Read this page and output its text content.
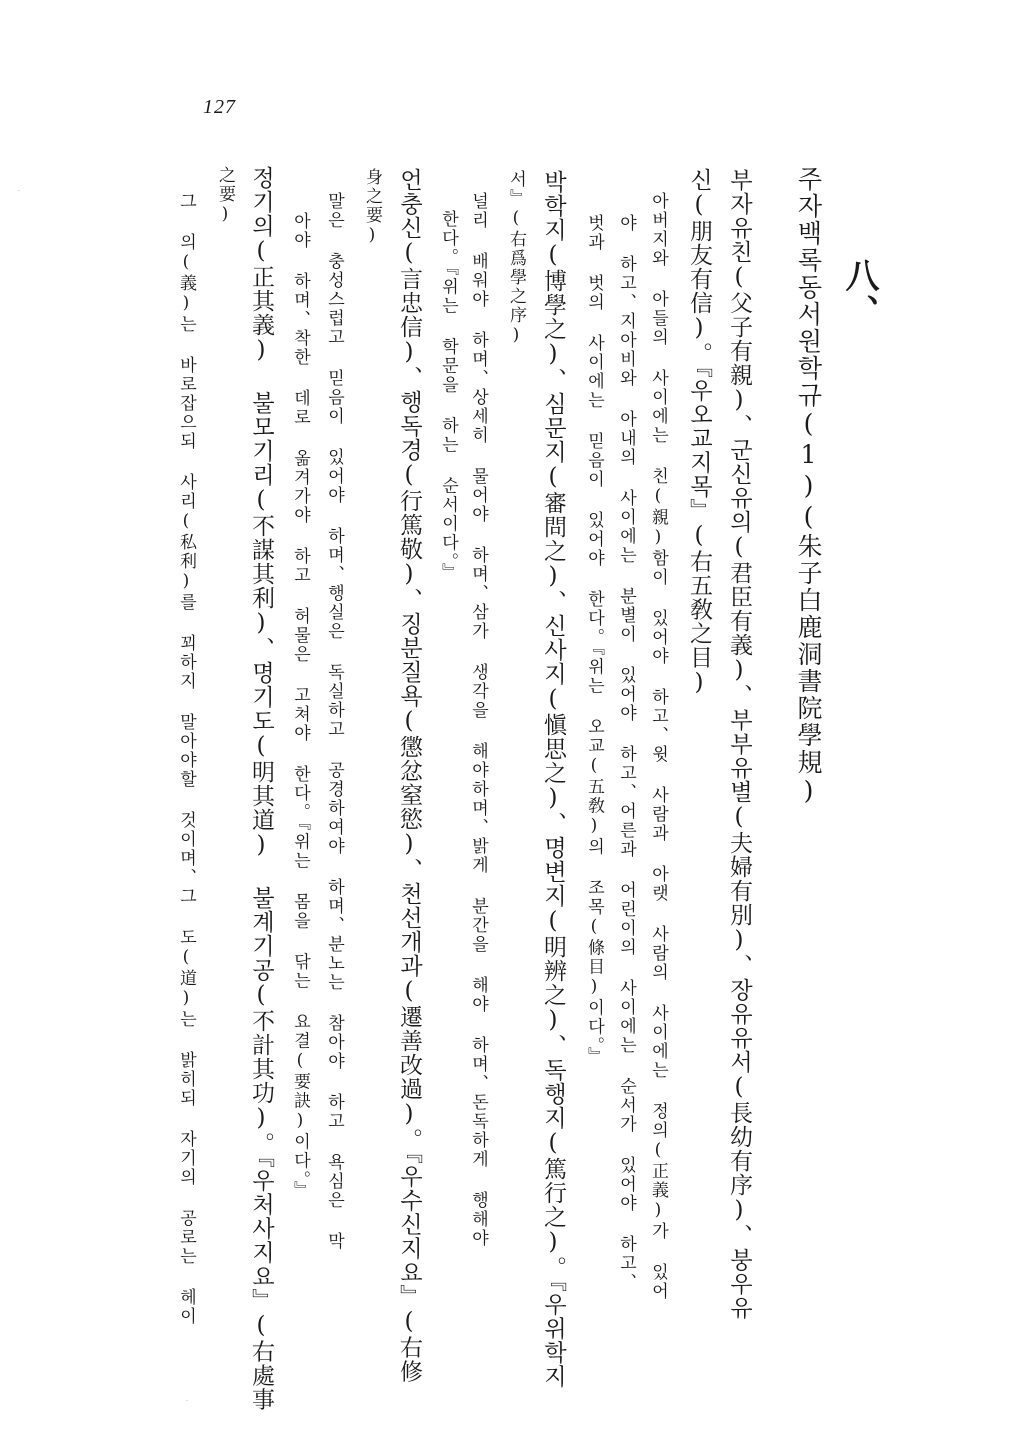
127
八、
주자백록동서원학규(1)(朱子白鹿洞書院學規)
부자유친(父子有親)、군신유의(君臣有義)、부부유별(夫婦有別)、장유유서(長幼有序)、붕우유
신(朋友有信)。『우오교지목』(右五敎之目)
아버지와 아들의 사이에는 친(親)함이 있어야 하고、윗 사람과 아랫 사람의 사이에는 정의(正義)가 있어
야 하고、지아비와 아내의 사이에는 분별이 있어야 하고、어른과 어린이의 사이에는 순서가 있어야 하고、
벗과 벗의 사이에는 믿음이 있어야 한다。『위는 오교(五敎)의 조목(條目)이다。』
박학지(博學之)、심문지(審問之)、신사지(愼思之)、명변지(明辨之)、독행지(篤行之)。『우위학지
서』(右爲學之序)
널리 배워야 하며、상세히 물어야 하며、삼가 생각을 해야하며、밝게 분간을 해야 하며、돈독하게 행해야
한다。『위는 학문을 하는 순서이다。』
언충신(言忠信)、행독경(行篤敬)、징분질욕(懲忿窒慾)、천선개과(遷善改過)。『우수신지요』(右修
身之要)
말은 충성스럽고 믿음이 있어야 하며、행실은 독실하고 공경하여야 하며、분노는 참아야 하고 욕심은 막
아야 하며、착한 데로 옮겨가야 하고 허물은 고쳐야 한다。『위는 몸을 닦는 요결(要訣)이다。』
정기의(正其義) 불모기리(不謀其利)、명기도(明其道) 불계기공(不計其功)。『우처사지요』(右處事
之要)
그 의(義)는 바로잡으되 사리(私利)를 꾀하지 말아야할 것이며、그 도(道)는 밝히되 자기의 공로는 헤이
·
·
